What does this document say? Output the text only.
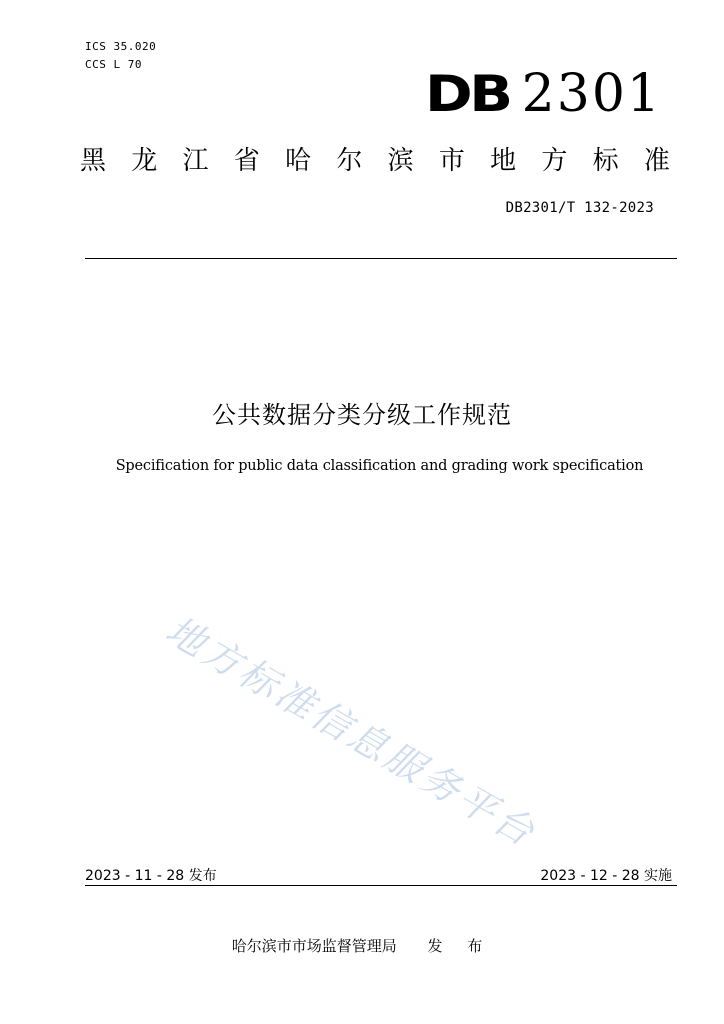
ICS 35.020
CCS L 70
DB 2301
黑 龙 江 省 哈 尔 滨 市 地 方 标 准
DB2301/T 132-2023
公共数据分类分级工作规范
Specification for public data classification and grading work specification
地方标准信息服务平台
2023 - 11 - 28 发布	2023 - 12 - 28 实施
哈尔滨市市场监督管理局 发 布
